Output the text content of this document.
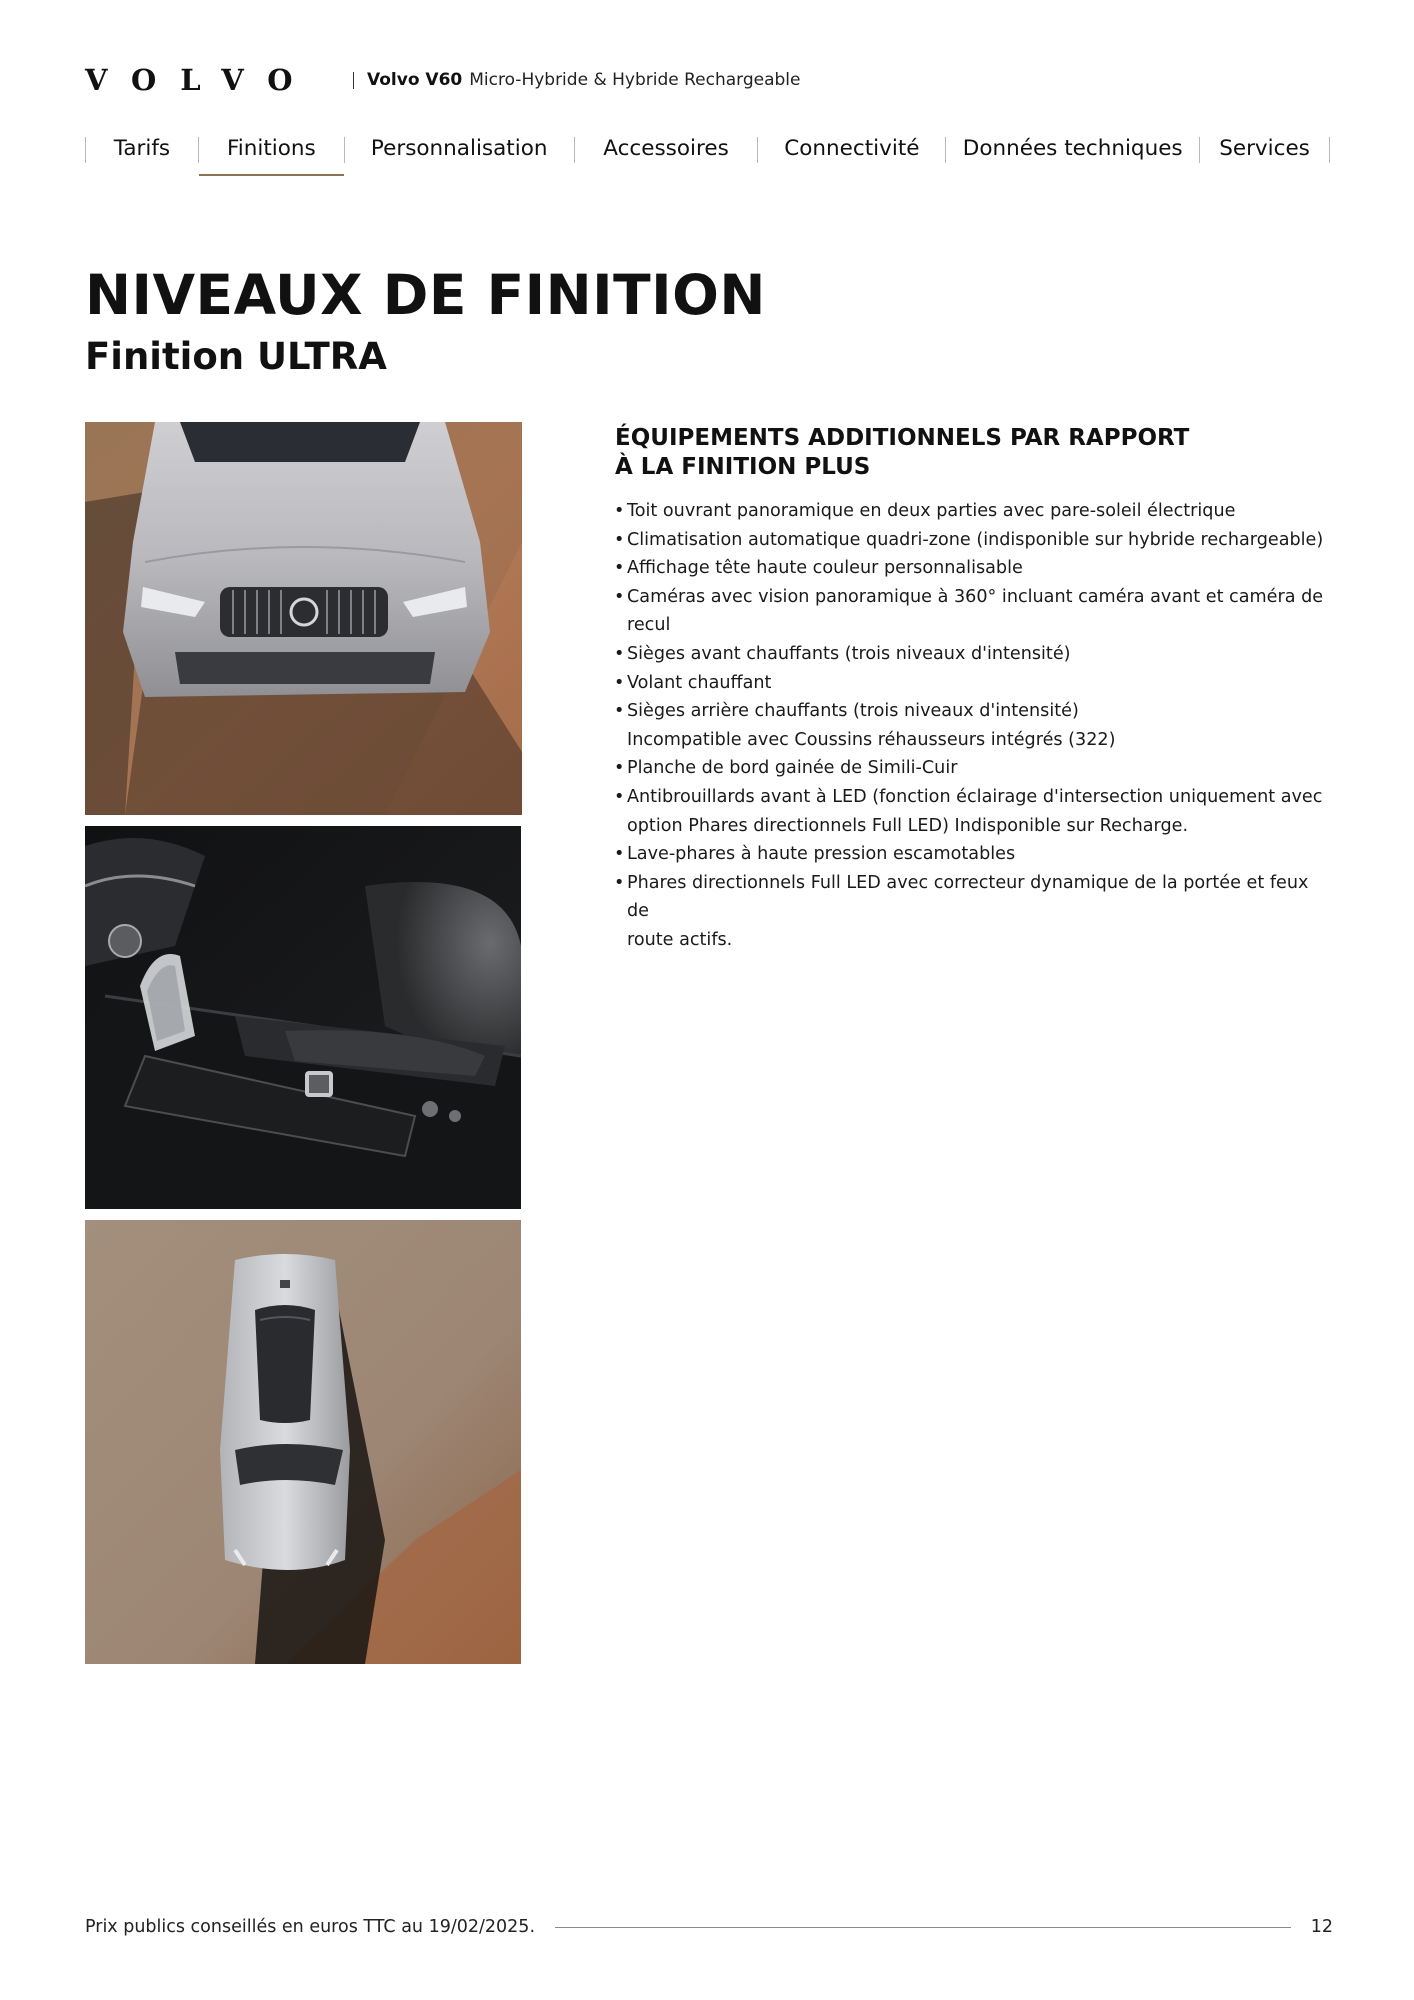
VOLVO	Volvo V60 Micro-Hybride & Hybride Rechargeable
Tarifs	Finitions	Personnalisation	Accessoires	Connectivité Données techniques Services
NIVEAUX DE FINITION
Finition ULTRA
ÉQUIPEMENTS ADDITIONNELS PAR RAPPORT
À LA FINITION PLUS
• Toit ouvrant panoramique en deux parties avec pare-soleil électrique
• Climatisation automatique quadri-zone (indisponible sur hybride rechargeable)
• Affichage tête haute couleur personnalisable
• Caméras avec vision panoramique à 360° incluant caméra avant et caméra de recul
• Sièges avant chauffants (trois niveaux d'intensité)
• Volant chauffant
• Sièges arrière chauffants (trois niveaux d'intensité)
Incompatible avec Coussins réhausseurs intégrés (322)
• Planche de bord gainée de Simili-Cuir
• Antibrouillards avant à LED (fonction éclairage d'intersection uniquement avec
option Phares directionnels Full LED) Indisponible sur Recharge.
• Lave-phares à haute pression escamotables
• Phares directionnels Full LED avec correcteur dynamique de la portée et feux de
route actifs.
Prix publics conseillés en euros TTC au 19/02/2025.	12
